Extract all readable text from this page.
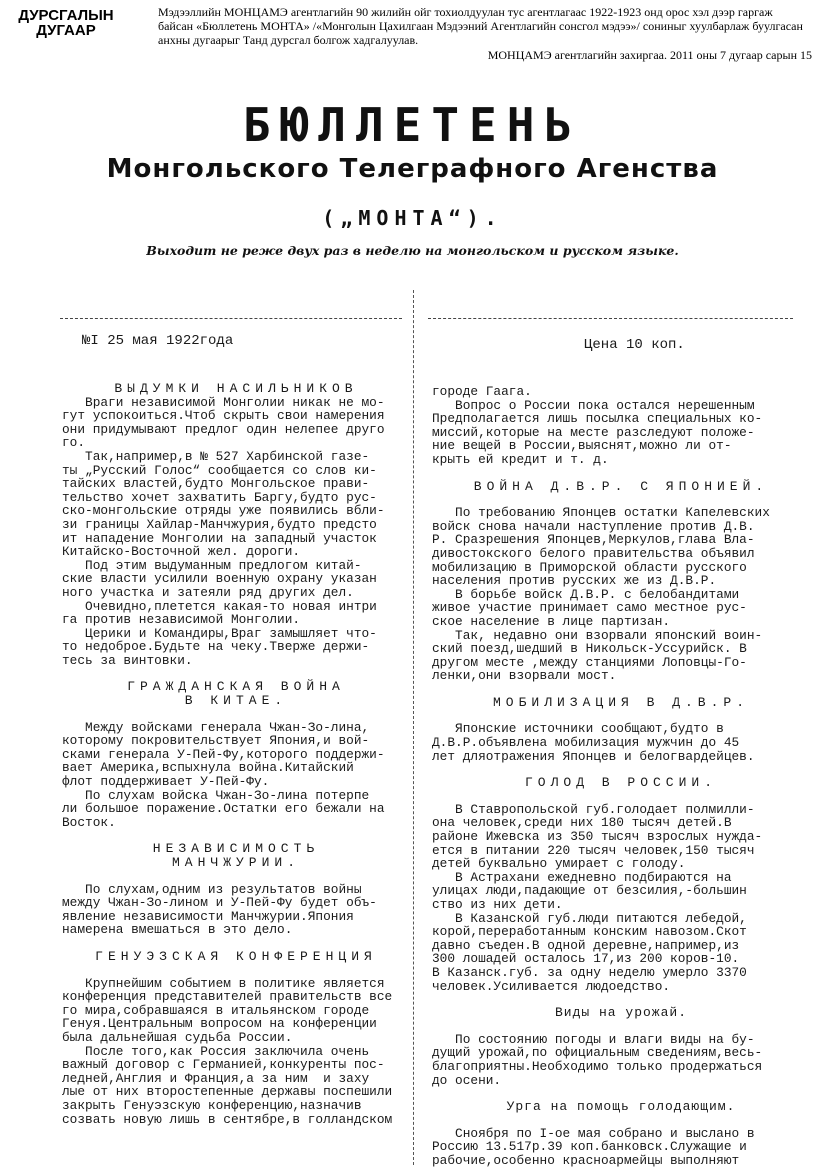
ДУРСГАЛЫН
ДУГААР
Мэдээллийн МОНЦАМЭ агентлагийн 90 жилийн ойг тохиолдуулан тус агентлагаас 1922-1923 онд орос хэл дээр гаргаж
байсан «Бюллетень МОНТА» /«Монголын Цахилгаан Мэдээний Агентлагийн сонсгол мэдээ»/ сониныг хуулбарлаж буулгасан
анхны дугаарыг Танд дурсгал болгож хадгалуулав.
МОНЦАМЭ агентлагийн захиргаа. 2011 оны 7 дугаар сарын 15
БЮЛЛЕТЕНЬ
Монгольского Телеграфного Агенства
(„МОНТА“).
Выходит не реже двух раз в неделю на монгольском и русском языке.
№I 25 мая 1922года	Цена 10 коп.
ВЫДУМКИ НАСИЛЬНИКОВ

Враги независимой Монголии никак не мо-

гут успокоиться.Чтоб скрыть свои намерения

они придумывают предлог один нелепее друго

го.

Так,например,в № 527 Харбинской газе-

ты „Русский Голос“ сообщается со слов ки-

тайских властей,будто Монгольское прави-

тельство хочет захватить Баргу,будто рус-

ско-монгольские отряды уже появились вбли-

зи границы Хайлар-Манчжурия,будто предсто

ит нападение Монголии на западный участок

Китайско-Восточной жел. дороги.

Под этим выдуманным предлогом китай-

ские власти усилили военную охрану указан

ного участка и затеяли ряд других дел.

Очевидно,плетется какая-то новая интри

га против независимой Монголии.

Церики и Командиры,Враг замышляет что-

то недоброе.Будьте на чеку.Тверже держи-

тесь за винтовки.

ГРАЖДАНСКАЯ ВОЙНА
В КИТАЕ.

Между войсками генерала Чжан-Зо-лина,

которому покровительствует Япония,и вой-

сками генерала У-Пей-Фу,которого поддержи-

вает Америка,вспыхнула война.Китайский

флот поддерживает У-Пей-Фу.

По слухам войска Чжан-Зо-лина потерпе

ли большое поражение.Остатки его бежали на

Восток.

НЕЗАВИСИМОСТЬ
МАНЧЖУРИИ.

По слухам,одним из результатов войны

между Чжан-Зо-лином и У-Пей-Фу будет объ-

явление независимости Манчжурии.Япония

намерена вмешаться в это дело.

ГЕНУЭЗСКАЯ КОНФЕРЕНЦИЯ

Крупнейшим событием в политике является

конференция представителей правительств все

го мира,собравшаяся в итальянском городе

Генуя.Центральным вопросом на конференции

была дальнейшая судьба России.

После того,как Россия заключила очень

важный договор с Германией,конкуренты пос-

ледней,Англия и Франция,а за ним  и заху

лые от них второстепенные державы поспешили

закрыть Генуэзскую конференцию,назначив

созвать новую лишь в сентябре,в голландском

городе Гаага.

Вопрос о России пока остался нерешенным

Предполагается лишь посылка специальных ко-

миссий,которые на месте разследуют положе-

ние вещей в России,выяснят,можно ли от-

крыть ей кредит и т. д.

ВОЙНА Д.В.Р. С ЯПОНИЕЙ.

По требованию Японцев остатки Капелевских

войск снова начали наступление против Д.В.

Р. Сразрешения Японцев,Меркулов,глава Вла-

дивостокского белого правительства объявил

мобилизацию в Приморской области русского

населения против русских же из Д.В.Р.

В борьбе войск Д.В.Р. с белобандитами

живое участие принимает само местное рус-

ское население в лице партизан.

Так, недавно они взорвали японский воин-

ский поезд,шедший в Никольск-Уссурийск. В

другом месте ,между станциями Лоповцы-Го-

ленки,они взорвали мост.

МОБИЛИЗАЦИЯ В Д.В.Р.

Японские источники сообщают,будто в

Д.В.Р.объявлена мобилизация мужчин до 45

лет дляотражения Японцев и белогвардейцев.

ГОЛОД В РОССИИ.

В Ставропольской губ.голодает полмилли-

она человек,среди них 180 тысяч детей.В

районе Ижевска из 350 тысяч взрослых нужда-

ется в питании 220 тысяч человек,150 тысяч

детей буквально умирает с голоду.

В Астрахани ежедневно подбираются на

улицах люди,падающие от безсилия,-большин

ство из них дети.

В Казанской губ.люди питаются лебедой,

корой,переработанным конским навозом.Скот

давно съеден.В одной деревне,например,из

300 лошадей осталось 17,из 200 коров-10.

В Казанск.губ. за одну неделю умерло 3370

человек.Усиливается людоедство.

Виды на урожай.

По состоянию погоды и влаги виды на бу-

дущий урожай,по официальным сведениям,весь-

благоприятны.Необходимо только продержаться

до осени.

Урга на помощь голодающим.

Сноября по I-ое мая собрано и выслано в

Россию 13.517р.39 коп.банковск.Служащие и

рабочие,особенно красноармейцы выполняют
